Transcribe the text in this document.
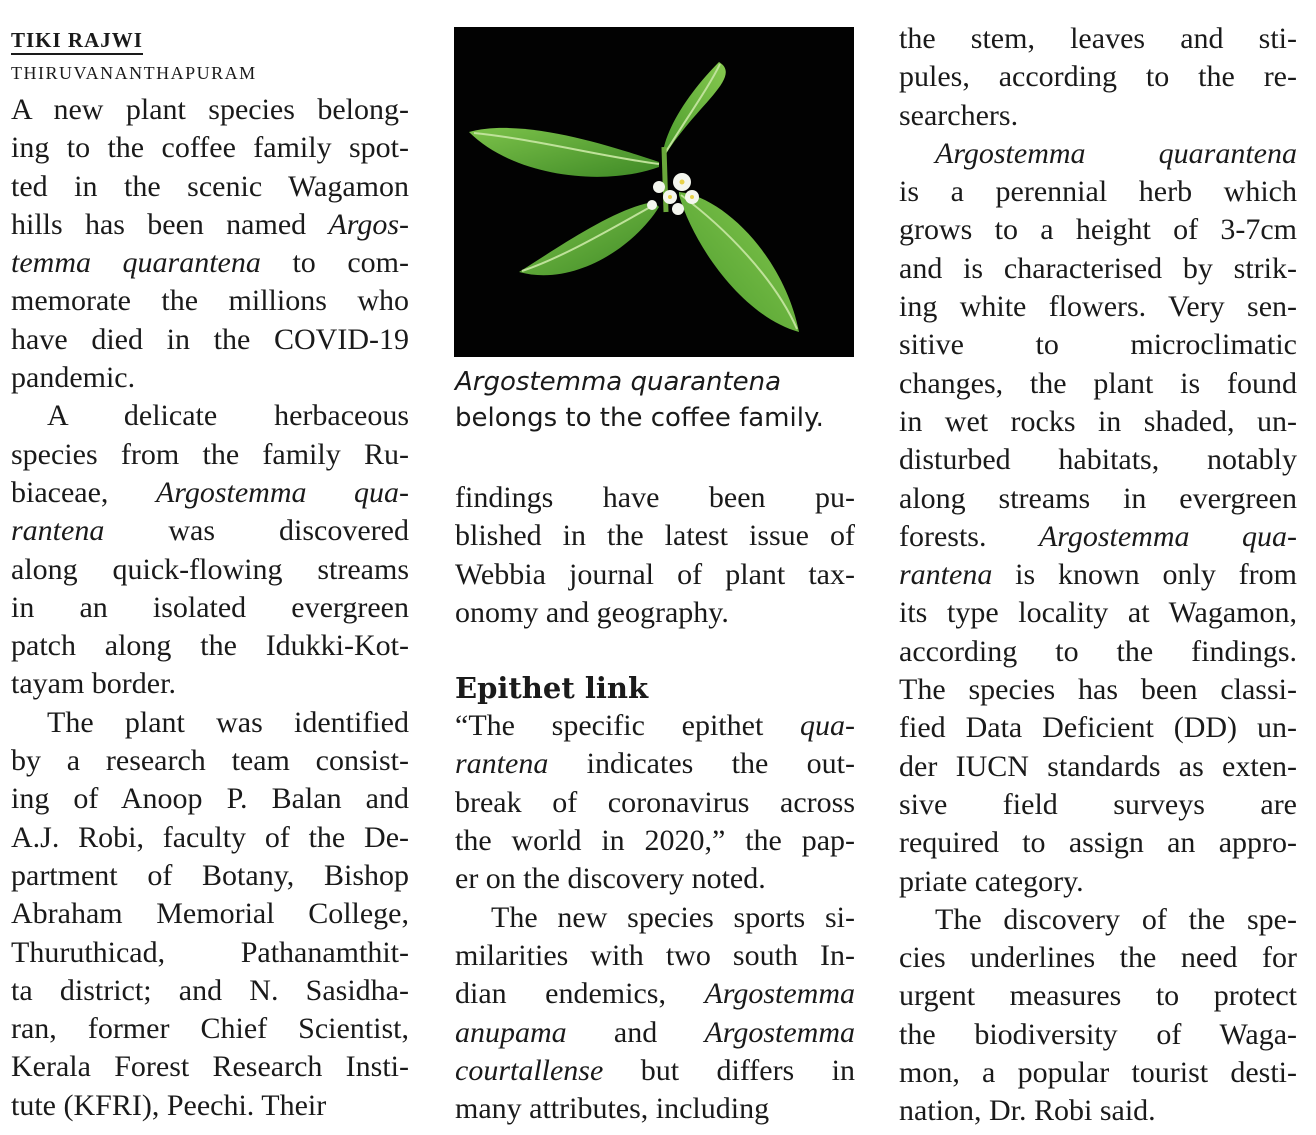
TIKI RAJWI
THIRUVANANTHAPURAM
A new plant species belong-
ing to the coffee family spot-
ted in the scenic Wagamon
hills has been named Argos-
temma quarantena to com-
memorate the millions who
have died in the COVID-19
pandemic.
A delicate herbaceous
species from the family Ru-
biaceae, Argostemma qua-
rantena was discovered
along quick-flowing streams
in an isolated evergreen
patch along the Idukki-Kot-
tayam border.
The plant was identified
by a research team consist-
ing of Anoop P. Balan and
A.J. Robi, faculty of the De-
partment of Botany, Bishop
Abraham Memorial College,
Thuruthicad, Pathanamthit-
ta district; and N. Sasidha-
ran, former Chief Scientist,
Kerala Forest Research Insti-
tute (KFRI), Peechi. Their
Argostemma quarantena
belongs to the coffee family.
findings have been pu-
blished in the latest issue of
Webbia journal of plant tax-
onomy and geography.
Epithet link
“The specific epithet qua-
rantena indicates the out-
break of coronavirus across
the world in 2020,” the pap-
er on the discovery noted.
The new species sports si-
milarities with two south In-
dian endemics, Argostemma
anupama and Argostemma
courtallense but differs in
many attributes, including
the stem, leaves and sti-
pules, according to the re-
searchers.
Argostemma quarantena
is a perennial herb which
grows to a height of 3-7cm
and is characterised by strik-
ing white flowers. Very sen-
sitive to microclimatic
changes, the plant is found
in wet rocks in shaded, un-
disturbed habitats, notably
along streams in evergreen
forests. Argostemma qua-
rantena is known only from
its type locality at Wagamon,
according to the findings.
The species has been classi-
fied Data Deficient (DD) un-
der IUCN standards as exten-
sive field surveys are
required to assign an appro-
priate category.
The discovery of the spe-
cies underlines the need for
urgent measures to protect
the biodiversity of Waga-
mon, a popular tourist desti-
nation, Dr. Robi said.
